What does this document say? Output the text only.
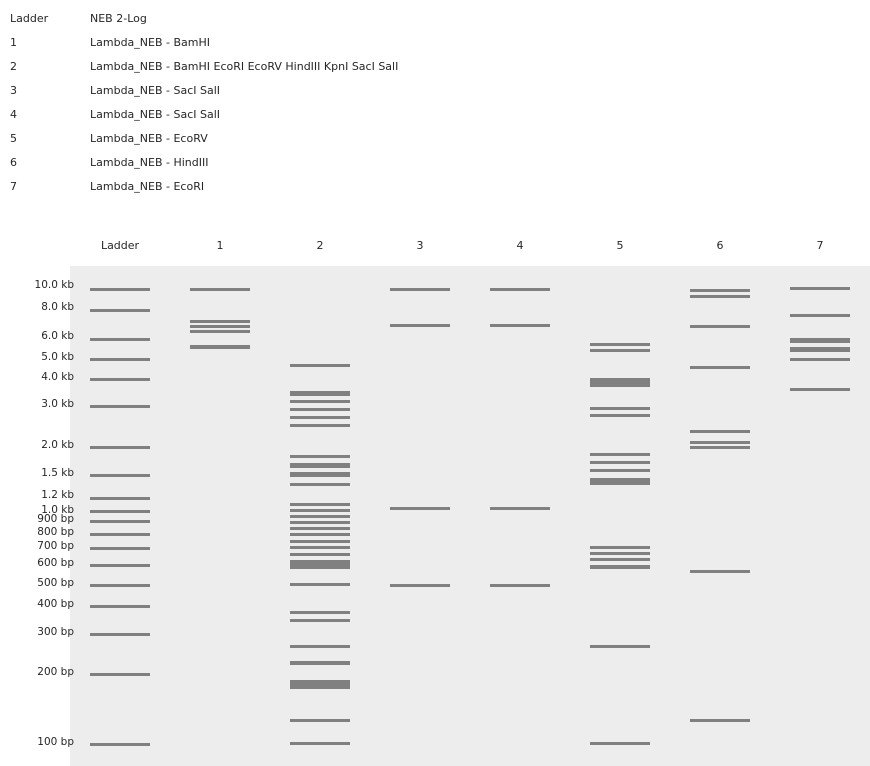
Ladder	NEB 2-Log
1	Lambda_NEB - BamHI
2	Lambda_NEB - BamHI EcoRI EcoRV HindIII KpnI SacI SalI
3	Lambda_NEB - SacI SalI
4	Lambda_NEB - SacI SalI
5	Lambda_NEB - EcoRV
6	Lambda_NEB - HindIII
7	Lambda_NEB - EcoRI
Ladder	1	2	3	4	5	6	7
10.0 kb
8.0 kb
6.0 kb
5.0 kb
4.0 kb
3.0 kb
2.0 kb
1.5 kb
1.2 kb
1.0 kb
900 bp
800 bp
700 bp
600 bp
500 bp
400 bp
300 bp
200 bp
100 bp
